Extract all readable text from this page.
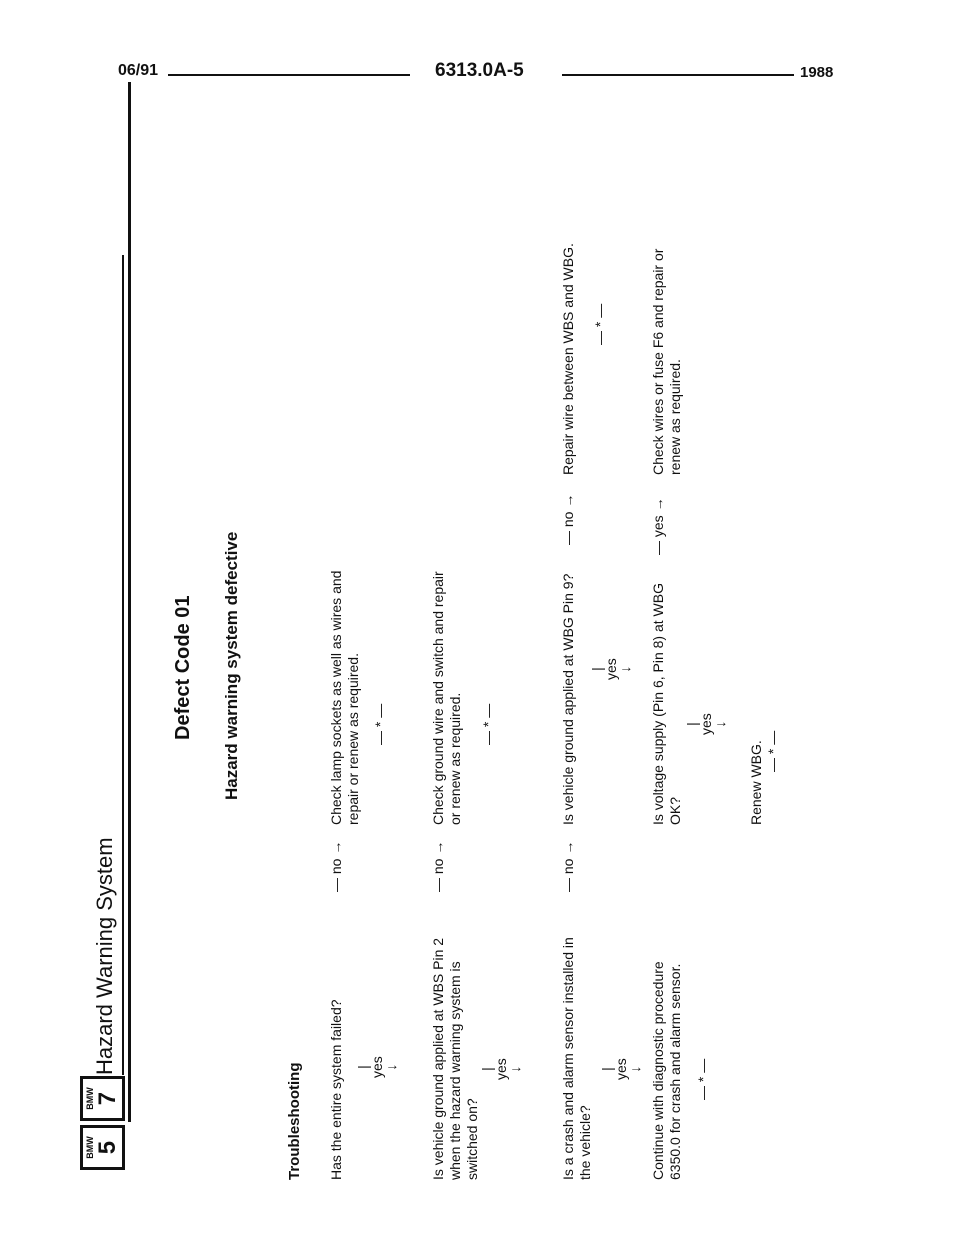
06/91	6313.0A-5	1988
BMW 5
BMW 7
Hazard Warning System
Defect Code 01 Hazard warning system defective
Troubleshooting Has the entire system failed?
— no →
Check lamp sockets as well as wires and repair or renew as required. — * —
|
yes
↓ Is vehicle ground applied at WBS Pin 2 when the hazard warning system is switched on?
— no →
Check ground wire and switch and repair or renew as required. — * —
|
yes
↓	Is a crash and alarm sensor installed in the vehicle?
— no →
Is vehicle ground applied at WBG Pin 9?
— no →
Repair wire between WBS and WBG. — * —
|
yes
↓ Is voltage supply (Pin 6, Pin 8) at WBG OK?
— yes →
Check wires or fuse F6 and repair or renew as required.
|
yes
↓
Renew WBG. — * —
|
yes
↓ Continue with diagnostic procedure 6350.0 for crash and alarm sensor. — * —
